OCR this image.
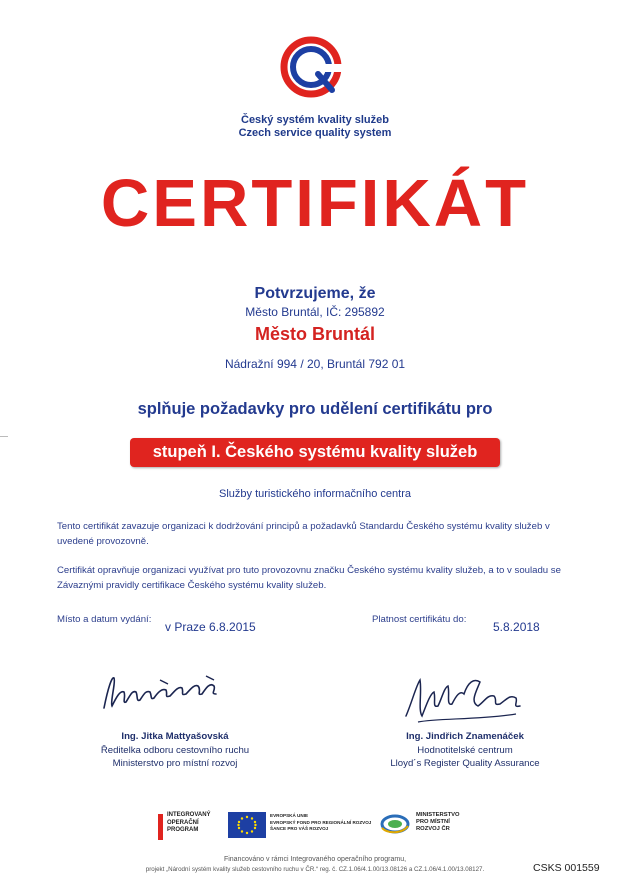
Český systém kvality služeb
Czech service quality system
CERTIFIKÁT
Potvrzujeme, že
Město Bruntál, IČ: 295892
Město Bruntál
Nádražní 994 / 20, Bruntál 792 01
splňuje požadavky pro udělení certifikátu pro
stupeň I. Českého systému kvality služeb
Služby turistického informačního centra
Tento certifikát zavazuje organizaci k dodržování principů a požadavků Standardu Českého systému kvality služeb v uvedené provozovně.
Certifikát opravňuje organizaci využívat pro tuto provozovnu značku Českého systému kvality služeb, a to v souladu se Závaznými pravidly certifikace Českého systému kvality služeb.
Místo a datum vydání:
v Praze 6.8.2015
Platnost certifikátu do:
5.8.2018
Ing. Jitka Mattyašovská
Ředitelka odboru cestovního ruchu
Ministerstvo pro místní rozvoj
Ing. Jindřich Znamenáček
Hodnotitelské centrum
Lloyd´s Register Quality Assurance
INTEGROVANÝ
OPERAČNÍ
PROGRAM
EVROPSKÁ UNIE
EVROPSKÝ FOND PRO REGIONÁLNÍ ROZVOJ
ŠANCE PRO VÁŠ ROZVOJ
MINISTERSTVO
PRO MÍSTNÍ
ROZVOJ ČR
Financováno v rámci Integrovaného operačního programu,
projekt „Národní systém kvality služeb cestovního ruchu v ČR.“ reg. č. CZ.1.06/4.1.00/13.08126 a CZ.1.06/4.1.00/13.08127.	CSKS 001559
